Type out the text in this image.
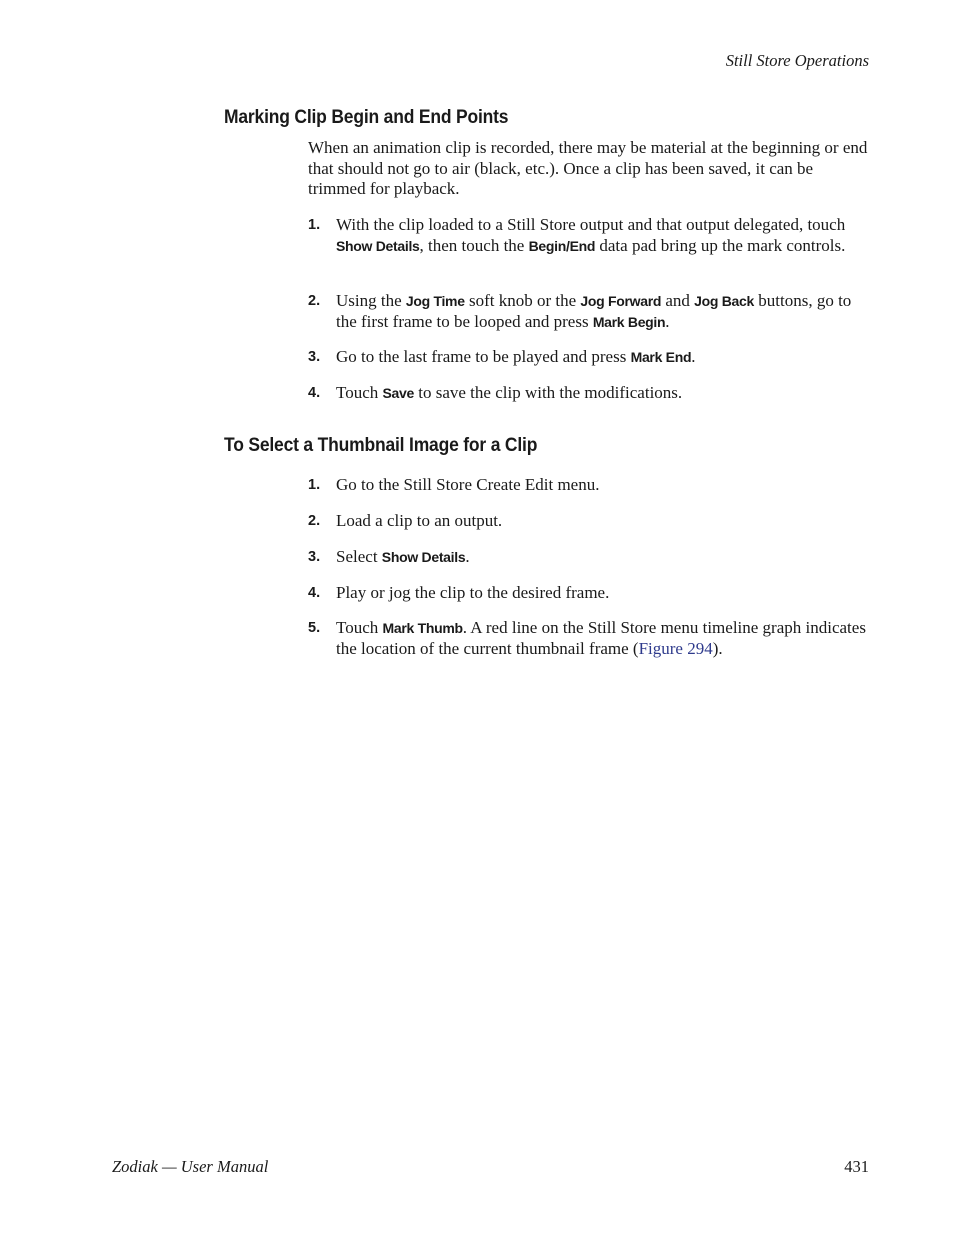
Still Store Operations
Marking Clip Begin and End Points

When an animation clip is recorded, there may be material at the beginning or end that should not go to air (black, etc.). Once a clip has been saved, it can be trimmed for playback.

1. With the clip loaded to a Still Store output and that output delegated, touch Show Details, then touch the Begin/End data pad bring up the mark controls.
2. Using the Jog Time soft knob or the Jog Forward and Jog Back buttons, go to the first frame to be looped and press Mark Begin.
3. Go to the last frame to be played and press Mark End.
4. Touch Save to save the clip with the modifications.
To Select a Thumbnail Image for a Clip
1. Go to the Still Store Create Edit menu.
2. Load a clip to an output.
3. Select Show Details.
4. Play or jog the clip to the desired frame.
5. Touch Mark Thumb. A red line on the Still Store menu timeline graph indicates the location of the current thumbnail frame (Figure 294).
Zodiak — User Manual	431
